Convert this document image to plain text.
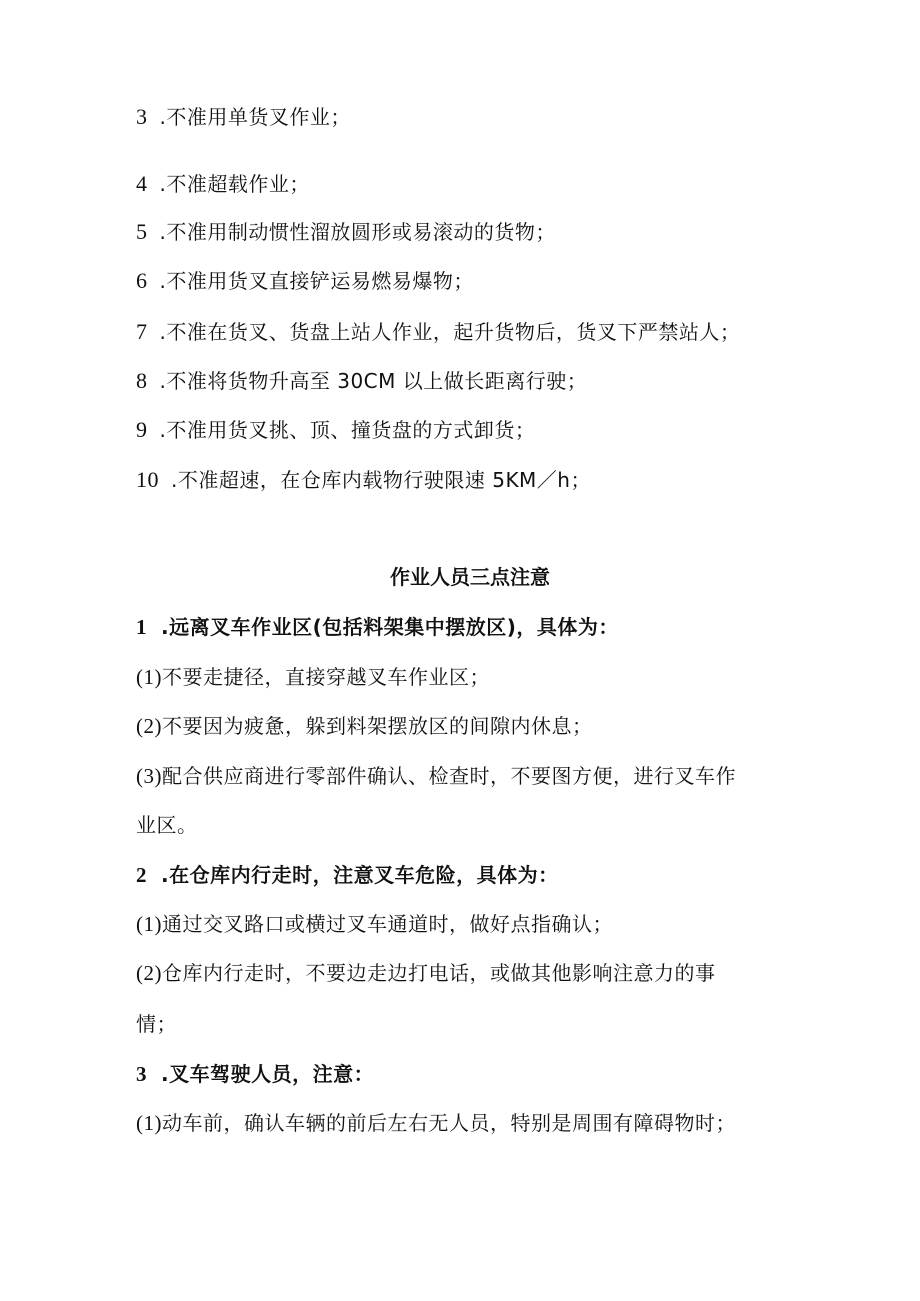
3 .不准用单货叉作业；
4 .不准超载作业；
5 .不准用制动惯性溜放圆形或易滚动的货物；
6 .不准用货叉直接铲运易燃易爆物；
7 .不准在货叉、货盘上站人作业，起升货物后，货叉下严禁站人；
8 .不准将货物升高至 30CM 以上做长距离行驶；
9 .不准用货叉挑、顶、撞货盘的方式卸货；
10 .不准超速，在仓库内载物行驶限速 5KM／h；
作业人员三点注意
1 .远离叉车作业区(包括料架集中摆放区)，具体为：
(1)不要走捷径，直接穿越叉车作业区；
(2)不要因为疲惫，躲到料架摆放区的间隙内休息；
(3)配合供应商进行零部件确认、检查时，不要图方便，进行叉车作
业区。
2 .在仓库内行走时，注意叉车危险，具体为：
(1)通过交叉路口或横过叉车通道时，做好点指确认；
(2)仓库内行走时，不要边走边打电话，或做其他影响注意力的事
情；
3 .叉车驾驶人员，注意：
(1)动车前，确认车辆的前后左右无人员，特别是周围有障碍物时；
